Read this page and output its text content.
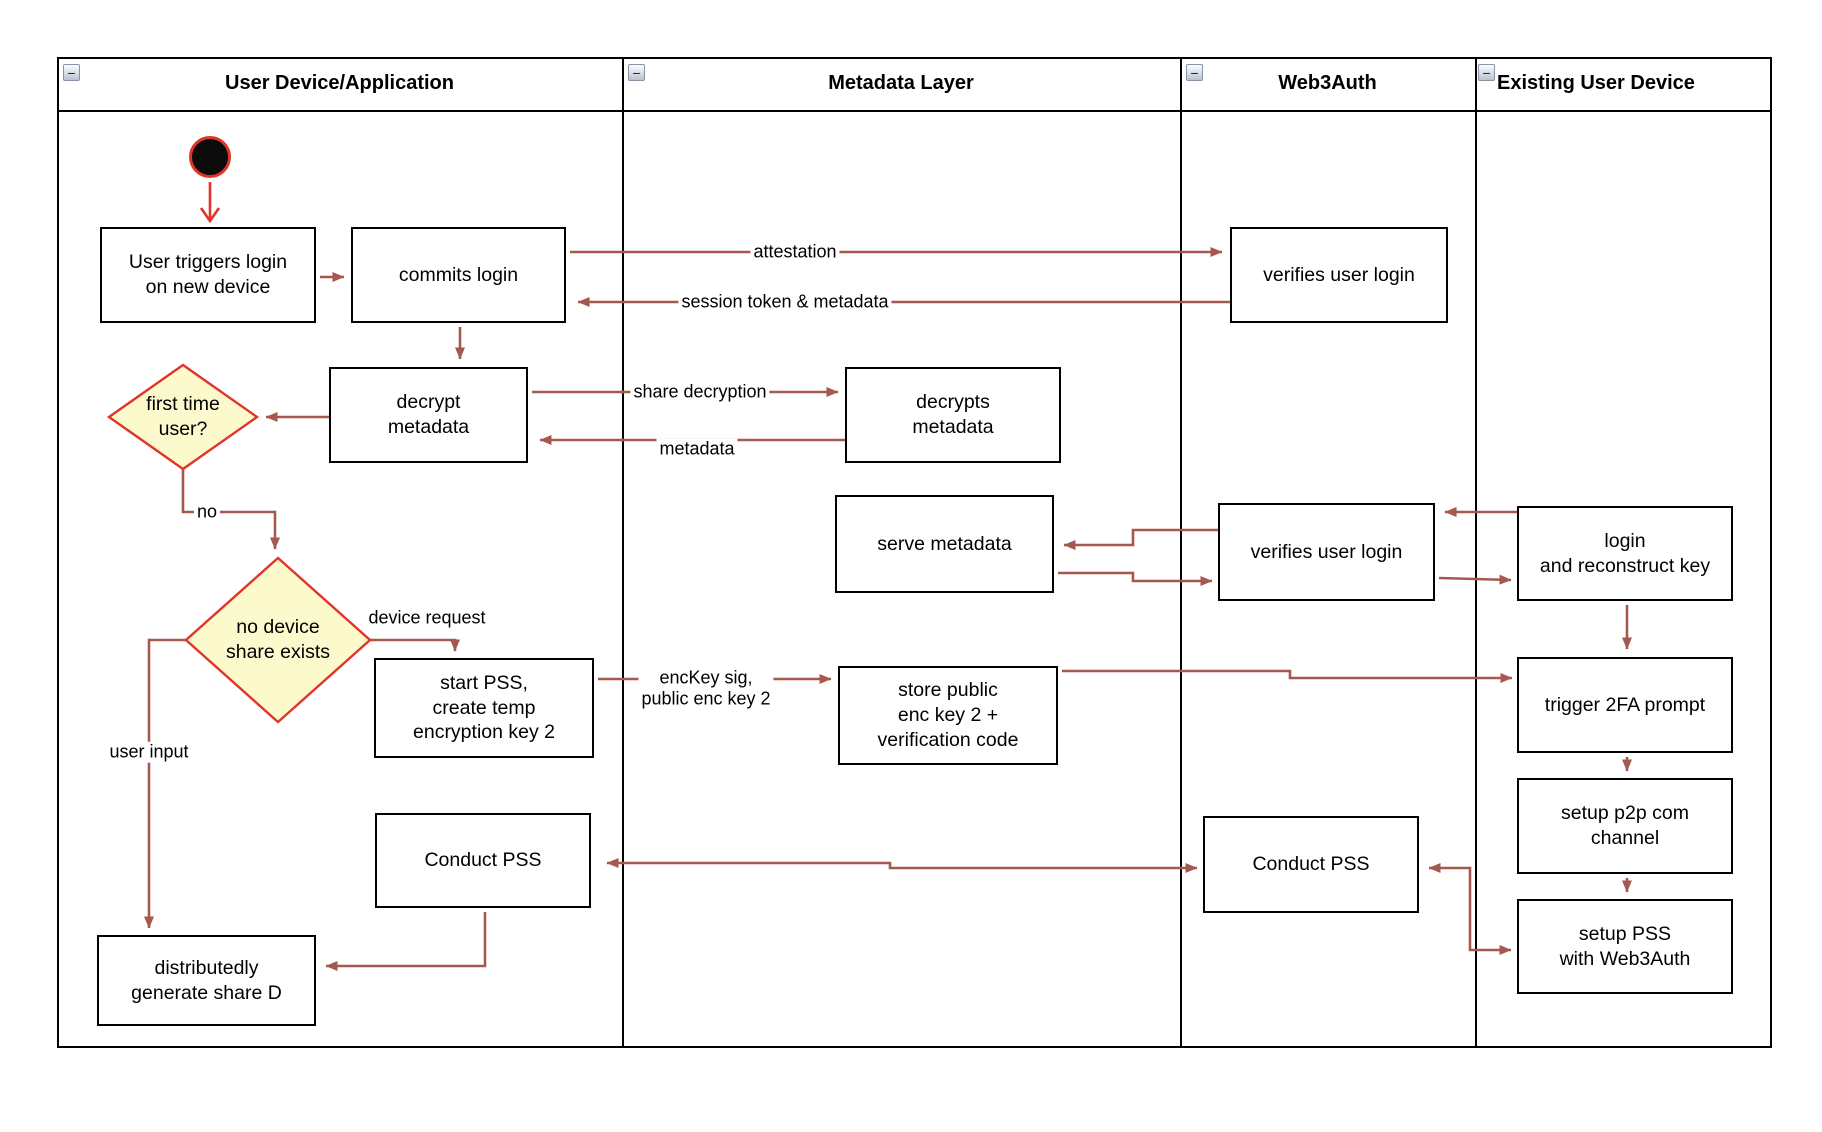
User Device/Application
−	Metadata Layer
−	Web3Auth
−	Existing User Device
−
User triggers login
on new device
commits login
decrypt
metadata
start PSS,
create temp
encryption key 2
Conduct PSS
distributedly
generate share D
decrypts
metadata
serve metadata
store public
enc key 2 +
verification code
verifies user login
verifies user login
Conduct PSS
login
and reconstruct key
trigger 2FA prompt
setup p2p com
channel
setup PSS
with Web3Auth
first time
user?
no device
share exists
attestation
session token & metadata
share decryption
metadata
no
user input
device request
encKey sig,
public enc key 2
